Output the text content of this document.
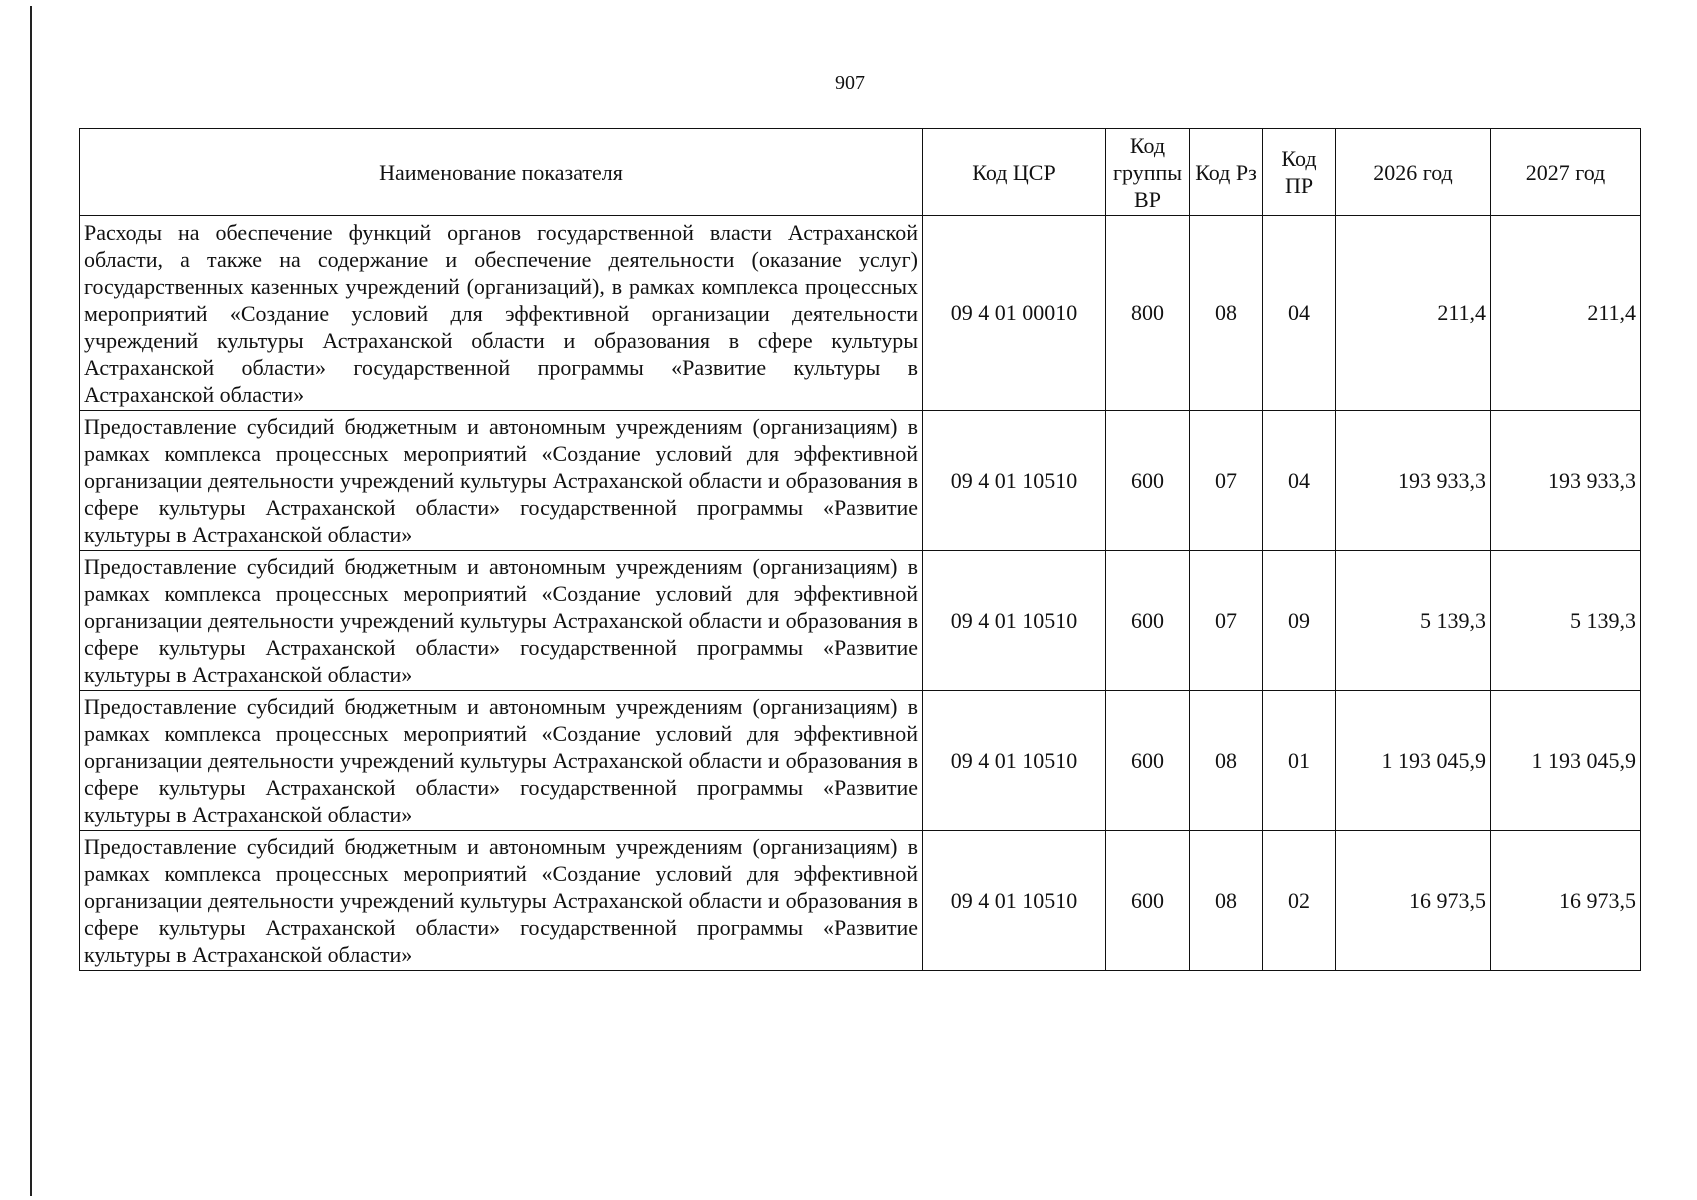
907
Наименование показателя	Код ЦСР	Код группы ВР	Код Рз	Код ПР	2026 год	2027 год
Расходы на обеспечение функций органов государственной власти Астраханской области, а также на содержание и обеспечение деятельности (оказание услуг) государственных казенных учреждений (организаций), в рамках комплекса процессных мероприятий «Создание условий для эффективной организации деятельности учреждений культуры Астраханской области и образования в сфере культуры Астраханской области» государственной программы «Развитие культуры в Астраханской области»	09 4 01 00010	800	08	04	211,4	211,4
Предоставление субсидий бюджетным и автономным учреждениям (организациям) в рамках комплекса процессных мероприятий «Создание условий для эффективной организации деятельности учреждений культуры Астраханской области и образования в сфере культуры Астраханской области» государственной программы «Развитие культуры в Астраханской области»	09 4 01 10510	600	07	04	193 933,3	193 933,3
Предоставление субсидий бюджетным и автономным учреждениям (организациям) в рамках комплекса процессных мероприятий «Создание условий для эффективной организации деятельности учреждений культуры Астраханской области и образования в сфере культуры Астраханской области» государственной программы «Развитие культуры в Астраханской области»	09 4 01 10510	600	07	09	5 139,3	5 139,3
Предоставление субсидий бюджетным и автономным учреждениям (организациям) в рамках комплекса процессных мероприятий «Создание условий для эффективной организации деятельности учреждений культуры Астраханской области и образования в сфере культуры Астраханской области» государственной программы «Развитие культуры в Астраханской области»	09 4 01 10510	600	08	01	1 193 045,9	1 193 045,9
Предоставление субсидий бюджетным и автономным учреждениям (организациям) в рамках комплекса процессных мероприятий «Создание условий для эффективной организации деятельности учреждений культуры Астраханской области и образования в сфере культуры Астраханской области» государственной программы «Развитие культуры в Астраханской области»	09 4 01 10510	600	08	02	16 973,5	16 973,5
